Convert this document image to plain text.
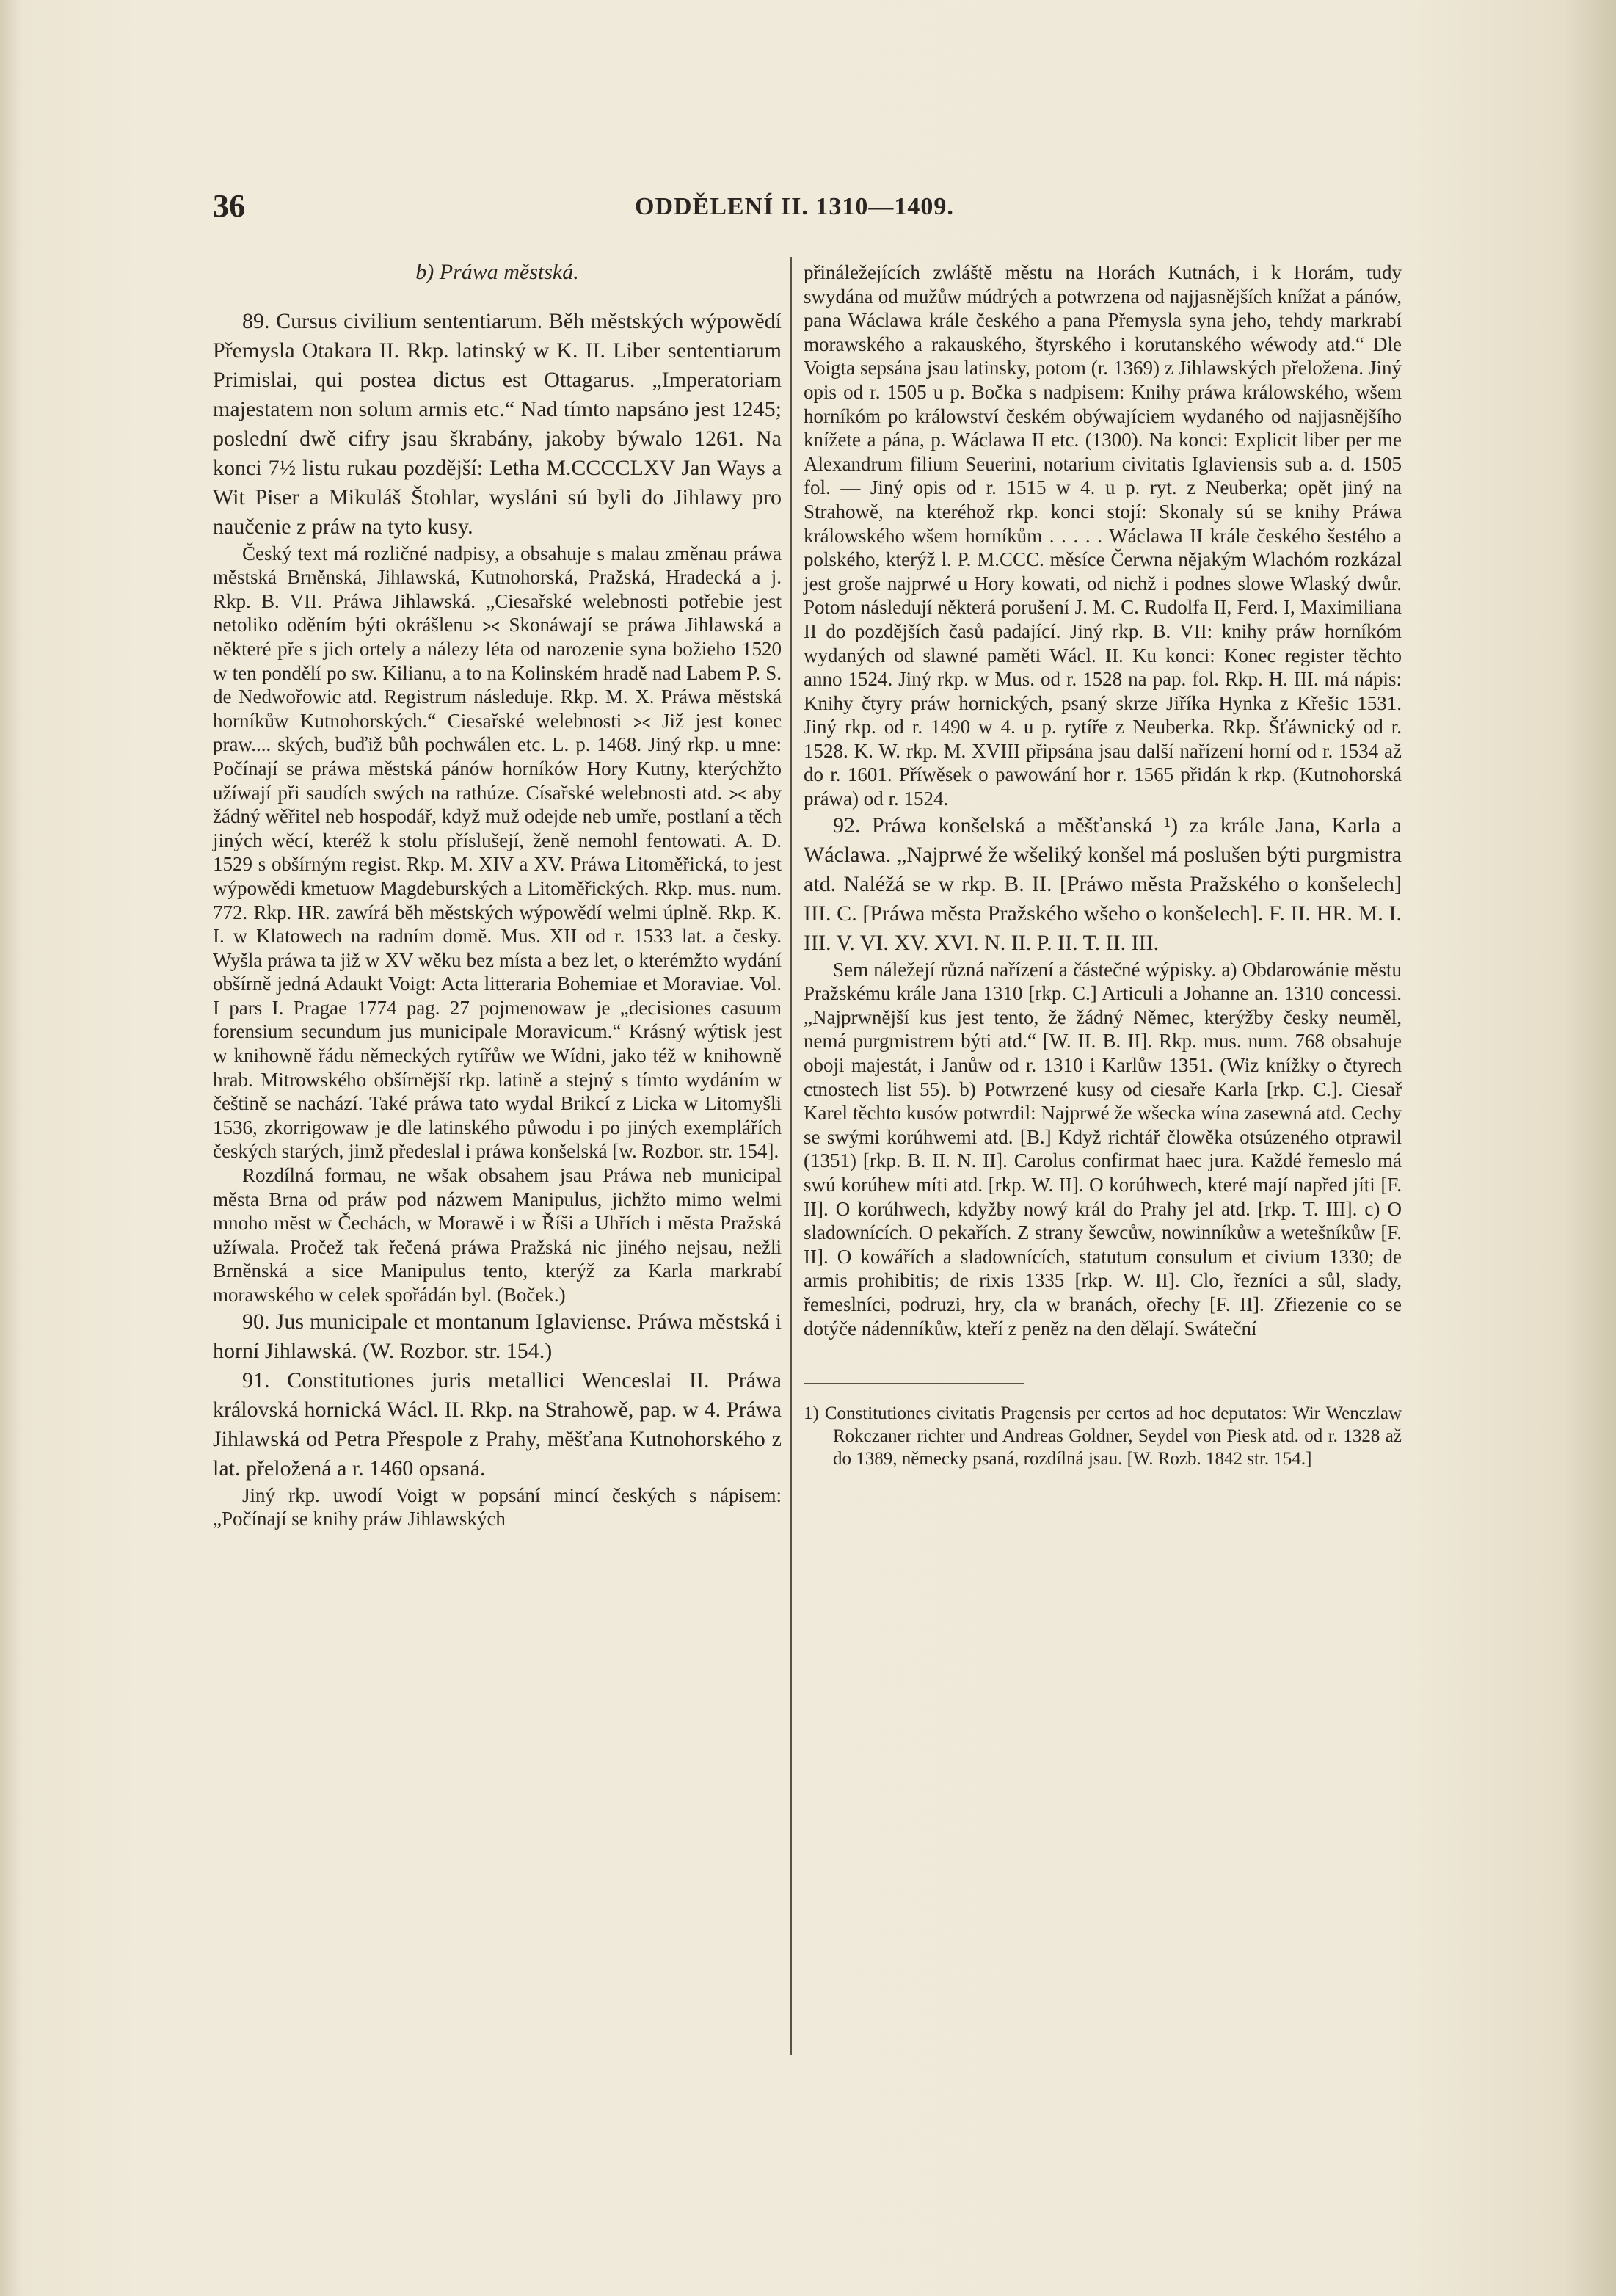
36	ODDĚLENÍ II. 1310—1409.
b) Práwa městská.

89. Cursus civilium sententiarum. Běh městských wýpowědí Přemysla Otakara II. Rkp. latinský w K. II. Liber sententiarum Primislai, qui postea dictus est Ottagarus. „Imperatoriam majestatem non solum armis etc.“ Nad tímto napsáno jest 1245; poslední dwě cifry jsau škrabány, jakoby býwalo 1261. Na konci 7½ listu rukau pozdější: Letha M.CCCCLXV Jan Ways a Wit Piser a Mikuláš Štohlar, wysláni sú byli do Jihlawy pro naučenie z práw na tyto kusy.

Český text má rozličné nadpisy, a obsahuje s malau změnau práwa městská Brněnská, Jihlawská, Kutnohorská, Pražská, Hradecká a j. Rkp. B. VII. Práwa Jihlawská. „Ciesařské welebnosti potřebie jest netoliko oděním býti okrášlenu ⪥ Skonáwají se práwa Jihlawská a některé pře s jich ortely a nálezy léta od narozenie syna božieho 1520 w ten pondělí po sw. Kilianu, a to na Kolinském hradě nad Labem P. S. de Nedwořowic atd. Registrum následuje. Rkp. M. X. Práwa městská horníkůw Kutnohorských.“ Ciesařské welebnosti ⪥ Již jest konec praw.... ských, buďiž bůh pochwálen etc. L. p. 1468. Jiný rkp. u mne: Počínají se práwa městská pánów horníków Hory Kutny, kterýchžto užíwají při saudích swých na rathúze. Císařské welebnosti atd. ⪥ aby žádný wěřitel neb hospodář, když muž odejde neb umře, postlaní a těch jiných wěcí, kteréž k stolu příslušejí, ženě nemohl fentowati. A. D. 1529 s obšírným regist. Rkp. M. XIV a XV. Práwa Litoměřická, to jest wýpowědi kmetuow Magdeburských a Litoměřických. Rkp. mus. num. 772. Rkp. HR. zawírá běh městských wýpowědí welmi úplně. Rkp. K. I. w Klatowech na radním domě. Mus. XII od r. 1533 lat. a česky. Wyšla práwa ta již w XV wěku bez místa a bez let, o kterémžto wydání obšírně jedná Adaukt Voigt: Acta litteraria Bohemiae et Moraviae. Vol. I pars I. Pragae 1774 pag. 27 pojmenowaw je „decisiones casuum forensium secundum jus municipale Moravicum.“ Krásný wýtisk jest w knihowně řádu německých rytířůw we Wídni, jako též w knihowně hrab. Mitrowského obšírnější rkp. latině a stejný s tímto wydáním w češtině se nachází. Také práwa tato wydal Brikcí z Licka w Litomyšli 1536, zkorrigowaw je dle latinského půwodu i po jiných exemplářích českých starých, jimž předeslal i práwa konšelská [w. Rozbor. str. 154].

Rozdílná formau, ne wšak obsahem jsau Práwa neb municipal města Brna od práw pod názwem Manipulus, jichžto mimo welmi mnoho měst w Čechách, w Morawě i w Říši a Uhřích i města Pražská užíwala. Pročež tak řečená práwa Pražská nic jiného nejsau, nežli Brněnská a sice Manipulus tento, kterýž za Karla markrabí morawského w celek spořádán byl. (Boček.)

90. Jus municipale et montanum Iglaviense. Práwa městská i horní Jihlawská. (W. Rozbor. str. 154.)

91. Constitutiones juris metallici Wenceslai II. Práwa královská hornická Wácl. II. Rkp. na Strahowě, pap. w 4. Práwa Jihlawská od Petra Přespole z Prahy, měšťana Kutnohorského z lat. přeložená a r. 1460 opsaná.

Jiný rkp. uwodí Voigt w popsání mincí českých s nápisem: „Počínají se knihy práw Jihlawských

přináležejících zwláště městu na Horách Kutnách, i k Horám, tudy swydána od mužůw múdrých a potwrzena od najjasnějších knížat a pánów, pana Wáclawa krále českého a pana Přemysla syna jeho, tehdy markrabí morawského a rakauského, štyrského i korutanského wéwody atd.“ Dle Voigta sepsána jsau latinsky, potom (r. 1369) z Jihlawských přeložena. Jiný opis od r. 1505 u p. Bočka s nadpisem: Knihy práwa králowského, wšem horníkóm po králowství českém obýwajíciem wydaného od najjasnějšího knížete a pána, p. Wáclawa II etc. (1300). Na konci: Explicit liber per me Alexandrum filium Seuerini, notarium civitatis Iglaviensis sub a. d. 1505 fol. — Jiný opis od r. 1515 w 4. u p. ryt. z Neuberka; opět jiný na Strahowě, na kteréhož rkp. konci stojí: Skonaly sú se knihy Práwa králowského wšem horníkům . . . . . Wáclawa II krále českého šestého a polského, kterýž l. P. M.CCC. měsíce Čerwna nějakým Wlachóm rozkázal jest groše najprwé u Hory kowati, od nichž i podnes slowe Wlaský dwůr. Potom následují některá porušení J. M. C. Rudolfa II, Ferd. I, Maximiliana II do pozdějších časů padající. Jiný rkp. B. VII: knihy práw horníkóm wydaných od slawné paměti Wácl. II. Ku konci: Konec register těchto anno 1524. Jiný rkp. w Mus. od r. 1528 na pap. fol. Rkp. H. III. má nápis: Knihy čtyry práw hornických, psaný skrze Jiříka Hynka z Křešic 1531. Jiný rkp. od r. 1490 w 4. u p. rytíře z Neuberka. Rkp. Šťáwnický od r. 1528. K. W. rkp. M. XVIII připsána jsau další nařízení horní od r. 1534 až do r. 1601. Příwěsek o pawowání hor r. 1565 přidán k rkp. (Kutnohorská práwa) od r. 1524.

92. Práwa konšelská a měšťanská ¹) za krále Jana, Karla a Wáclawa. „Najprwé že wšeliký konšel má poslušen býti purgmistra atd. Naléžá se w rkp. B. II. [Práwo města Pražského o konšelech] III. C. [Práwa města Pražského wšeho o konšelech]. F. II. HR. M. I. III. V. VI. XV. XVI. N. II. P. II. T. II. III.

Sem náležejí různá nařízení a částečné wýpisky. a) Obdarowánie městu Pražskému krále Jana 1310 [rkp. C.] Articuli a Johanne an. 1310 concessi. „Najprwnější kus jest tento, že žádný Němec, kterýžby česky neuměl, nemá purgmistrem býti atd.“ [W. II. B. II]. Rkp. mus. num. 768 obsahuje oboji majestát, i Janůw od r. 1310 i Karlůw 1351. (Wiz knížky o čtyrech ctnostech list 55). b) Potwrzené kusy od ciesaře Karla [rkp. C.]. Ciesař Karel těchto kusów potwrdil: Najprwé že wšecka wína zasewná atd. Cechy se swými korúhwemi atd. [B.] Když richtář člowěka otsúzeného otprawil (1351) [rkp. B. II. N. II]. Carolus confirmat haec jura. Každé řemeslo má swú korúhew míti atd. [rkp. W. II]. O korúhwech, které mají napřed jíti [F. II]. O korúhwech, kdyžby nowý král do Prahy jel atd. [rkp. T. III]. c) O sladownících. O pekařích. Z strany šewcůw, nowinníkůw a wetešníkůw [F. II]. O kowářích a sladownících, statutum consulum et civium 1330; de armis prohibitis; de rixis 1335 [rkp. W. II]. Clo, řezníci a sůl, slady, řemeslníci, podruzi, hry, cla w branách, ořechy [F. II]. Zřiezenie co se dotýče nádenníkůw, kteří z peněz na den dělají. Swáteční

1) Constitutiones civitatis Pragensis per certos ad hoc deputatos: Wir Wenczlaw Rokczaner richter und Andreas Goldner, Seydel von Piesk atd. od r. 1328 až do 1389, německy psaná, rozdílná jsau. [W. Rozb. 1842 str. 154.]
